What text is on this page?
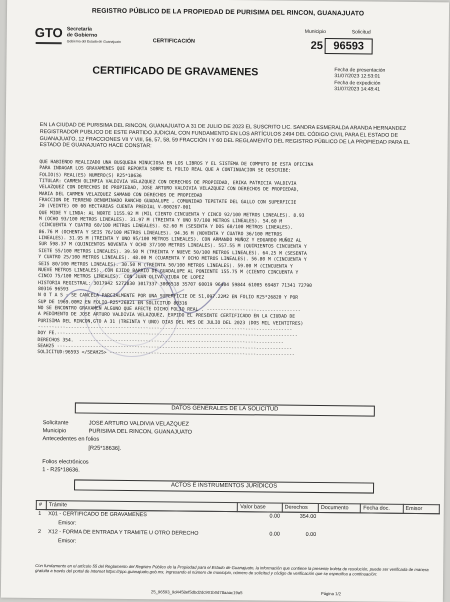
REGISTRO PÚBLICO DE LA PROPIEDAD DE PURISIMA DEL RINCON, GUANAJUATO
GTO Secretaría
de Gobierno
Gobierno del Estado de Guanajuato	CERTIFICACIÓN
Municipio	Solicitud
25 96593
CERTIFICADO DE GRAVAMENES	Fecha de presentación
31/07/2023 12:53:01
Fecha de expedición
31/07/2023 14:48:41
EN LA CIUDAD DE PURISIMA DEL RINCON, GUANAJUATO A 31 DE JULIO DE 2023 EL SUSCRITO LIC. SANDRA ESMERALDA ARANDA HERNANDEZ REGISTRADOR PUBLICO DE ESTE PARTIDO JUDICIAL CON FUNDAMENTO EN LOS ARTÍCULOS 2494 DEL CÓDIGO CIVIL PARA EL ESTADO DE GUANAJUATO, 12 FRACCIONES VII Y VIII, 56, 57, 58, 59 FRACCIÓN I Y 60 DEL REGLAMENTO DEL REGISTRO PÚBLICO DE LA PROPIEDAD PARA EL ESTADO DE GUANAJUATO HACE CONSTAR:
QUE HABIENDO REALIZADO UNA BUSQUEDA MINUCIOSA EN LOS LIBROS Y EL SISTEMA DE COMPUTO DE ESTA OFICINA
PARA INDAGAR LOS GRAVAMENES QUE REPORTA SOBRE EL FOLIO REAL QUE A CONTINUACION SE DESCRIBE:
FOLIO(S) REAL(ES) NUMERO(S) R25*18636
TITULAR: CARMEN OLIMPIA VALDIVIA VELAZQUEZ CON DERECHOS DE PROPIEDAD, ERIKA PATRICIA VALDIVIA
VELAZQUEZ CON DERECHOS DE PROPIEDAD, JOSE ARTURO VALDIVIA VELAZQUEZ CON DERECHOS DE PROPIEDAD,
MARIA DEL CARMEN VELAZQUEZ SAMANO CON DERECHOS DE PROPIEDAD
FRACCION DE TERRENO DENOMINADO RANCHO GUADALUPE , COMUNIDAD TEPETATE DEL GALLO CON SUPERFICIE
20 (VEINTE) 00 00 HECTAREAS CUENTA PREDIAL V-000267-001
QUE MIDE Y LINDA: AL NORTE 1155.92 M (MIL CIENTO CINCUENTA Y CINCO 92/100 METROS LINEALES). 8.93
M (OCHO 93/100 METROS LINEALES). 31.97 M (TREINTA Y UNO 97/100 METROS LINEALES). 54.60 M
(CINCUENTA Y CUATRO 60/100 METROS LINEALES). 62.60 M (SESENTA Y DOS 60/100 METROS LINEALES).
86.76 M (OCHENTA Y SEIS 76/100 METROS LINEALES). 94.36 M (NOVENTA Y CUATRO 36/100 METROS
LINEALES). 31.95 M (TREINTA Y UNO 95/100 METROS LINEALES). CON ARMANDO MUÑOZ Y EDUARDO MUÑOZ AL
SUR 598.37 M (QUINIENTOS NOVENTA Y OCHO 37/100 METROS LINEALES). 557.55 M (QUINIENTOS CINCUENTA Y
SIETE 55/100 METROS LINEALES). 39.50 M (TREINTA Y NUEVE 50/100 METROS LINEALES). 64.25 M (SESENTA
Y CUATRO 25/100 METROS LINEALES). 48.00 M (CUARENTA Y OCHO METROS LINEALES). 56.80 M (CINCUENTA Y
SEIS 80/100 METROS LINEALES). 30.50 M (TREINTA 50/100 METROS LINEALES). 59.00 M (CINCUENTA Y
NUEVE METROS LINEALES). CON EJIDO BARRIO DE GUADALUPE AL PONIENTE 155.75 M (CIENTO CINCUENTA Y
CINCO 75/100 METROS LINEALES). CON JUAN OLIVA VIUDA DE LOPEZ
HISTORIA REGISTRAL: 3017942 5272830 3017337 3006518 35707 60019 96404 59844 61005 69487 71341 72790
80316 96593
N O T A S : SE CANCELA PARCIALMENTE POR UNA SUPERFICIE DE 51,097.22M2 EN FOLIO R25*26820 Y POR
SUP DE 1969.00M2 EN FOLIO R25*26821 EN SOLICITUD 80316
NO SE ENCONTRO GRAVAMEN ALGUNO QUE AFECTE DICHO FOLIO REAL . ----------------------------------
A PEDIMENTO DE JOSE ARTURO VALDIVIA VELAZQUEZ, EXPIDO EL PRESENTE CERTIFICADO EN LA CIUDAD DE
PURISIMA DEL RINCON,GTO A 31 (TREINTA Y UNO) DIAS DEL MES DE JULIO DEL 2023 (DOS MIL VEINTITRES)
--------------------------------------------------------------------------------------------
DOY FE.---------------------------------------------------------------------------------------
DERECHOS 354.  --------------------------------------------------------------------------
SEAH25 -------------------------------------------------------------------------------------
SOLICITUD:96593 </SEAH25> -------------------------------------------------------------------
DATOS GENERALES DE LA SOLICITUD
Solicitante	JOSE ARTURO VALDIVIA VELAZQUEZ
Municipio	PURISIMA DEL RINCON, GUANAJUATO
Antecedentes en folios
[R25*18636].
Folios electrónicos
1 - R25*18636.
ACTOS E INSTRUMENTOS JURÍDICOS
#	Trámite	Valor base	Derechos	Documento	Fecha doc.	Emisor
1	X01 - CERTIFICADO DE GRAVAMENES	0.00	354.00			
	Emisor:					
2	X12 - FORMA DE ENTRADA Y TRAMITE U OTRO DERECHO	0.00	0.00			
	Emisor:					
Con fundamento en el artículo 55 del Reglamento del Registro Público de la Propiedad para el Estado de Guanajuato, la información que contiene la presente boleta de resolución, puede ser verificada de manera gratuita a través del portal de Internet https://rppc.guanajuato.gob.mx, ingresando el número de municipio, número de solicitud y código de verificación que se especifica a continuación:
25_96593_9d4458ef5dbd2dc901b0d78aaac19a5	Página 1/2
